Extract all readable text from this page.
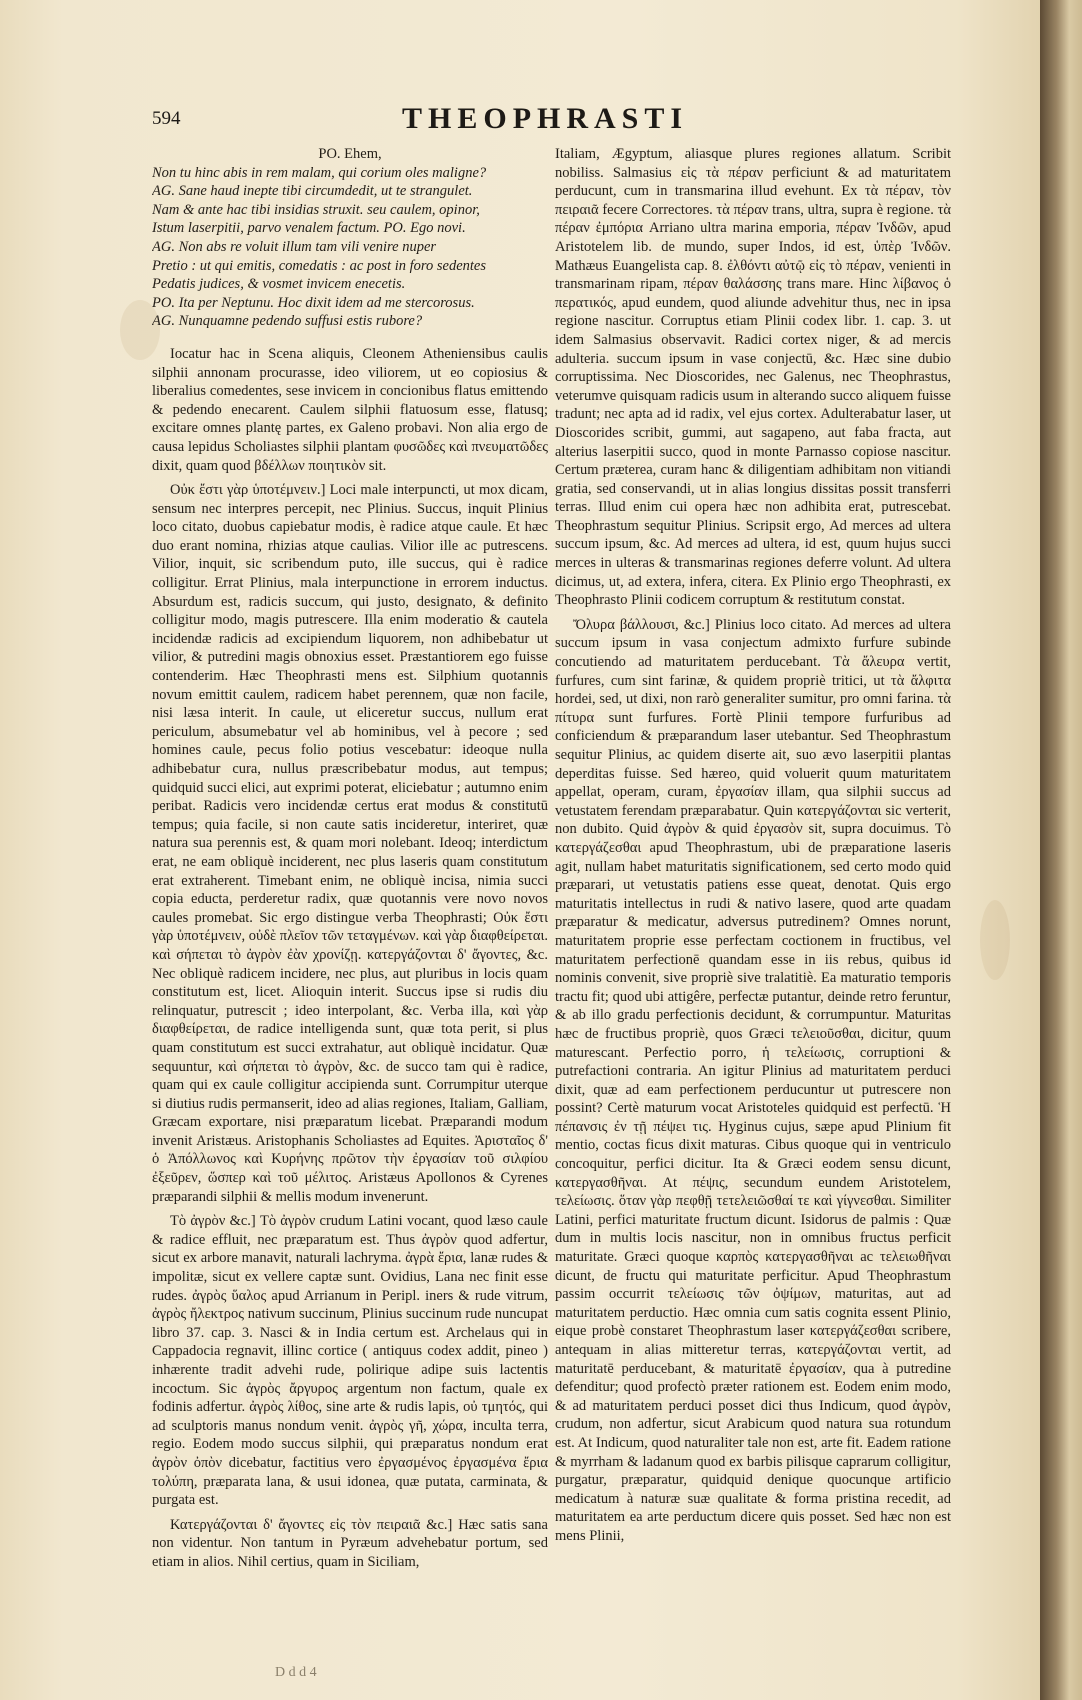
594	THEOPHRASTI
PO. Ehem,
Non tu hinc abis in rem malam, qui corium oles maligne?
AG. Sane haud inepte tibi circumdedit, ut te strangulet.
Nam & ante hac tibi insidias struxit. seu caulem, opinor,
Istum laserpitii, parvo venalem factum. PO. Ego novi.
AG. Non abs re voluit illum tam vili venire nuper
Pretio : ut qui emitis, comedatis : ac post in foro sedentes
Pedatis judices, & vosmet invicem enecetis.
PO. Ita per Neptunu. Hoc dixit idem ad me stercorosus.
AG. Nunquamne pedendo suffusi estis rubore?

Iocatur hac in Scena aliquis, Cleonem Atheniensibus caulis silphii annonam procurasse, ideo viliorem, ut eo copiosius & liberalius comedentes, sese invicem in concionibus flatus emittendo & pedendo enecarent. Caulem silphii flatuosum esse, flatusq; excitare omnes plantę partes, ex Galeno probavi. Non alia ergo de causa lepidus Scholiastes silphii plantam φυσῶδες καὶ πνευματῶδες dixit, quam quod βδέλλων ποιητικὸν sit.

Οὐκ ἔστι γὰρ ὑποτέμνειν.] Loci male interpuncti, ut mox dicam, sensum nec interpres percepit, nec Plinius. Succus, inquit Plinius loco citato, duobus capiebatur modis, è radice atque caule. Et hæc duo erant nomina, rhizias atque caulias. Vilior ille ac putrescens. Vilior, inquit, sic scribendum puto, ille succus, qui è radice colligitur. Errat Plinius, mala interpunctione in errorem inductus. Absurdum est, radicis succum, qui justo, designato, & definito colligitur modo, magis putrescere. Illa enim moderatio & cautela incidendæ radicis ad excipiendum liquorem, non adhibebatur ut vilior, & putredini magis obnoxius esset. Præstantiorem ego fuisse contenderim. Hæc Theophrasti mens est. Silphium quotannis novum emittit caulem, radicem habet perennem, quæ non facile, nisi læsa interit. In caule, ut eliceretur succus, nullum erat periculum, absumebatur vel ab hominibus, vel à pecore ; sed homines caule, pecus folio potius vescebatur: ideoque nulla adhibebatur cura, nullus præscribebatur modus, aut tempus; quidquid succi elici, aut exprimi poterat, eliciebatur ; autumno enim peribat. Radicis vero incidendæ certus erat modus & constitutū tempus; quia facile, si non caute satis incideretur, interiret, quæ natura sua perennis est, & quam mori nolebant. Ideoq; interdictum erat, ne eam obliquè inciderent, nec plus laseris quam constitutum erat extraherent. Timebant enim, ne obliquè incisa, nimia succi copia educta, perderetur radix, quæ quotannis vere novo novos caules promebat. Sic ergo distingue verba Theophrasti; Οὐκ ἔστι γὰρ ὑποτέμνειν, οὐδὲ πλεῖον τῶν τεταγμένων. καὶ γὰρ διαφθείρεται. καὶ σήπεται τὸ ἀγρὸν ἐὰν χρονίζῃ. κατεργάζονται δ' ἄγοντες, &c. Nec obliquè radicem incidere, nec plus, aut pluribus in locis quam constitutum est, licet. Alioquin interit. Succus ipse si rudis diu relinquatur, putrescit ; ideo interpolant, &c. Verba illa, καὶ γὰρ διαφθείρεται, de radice intelligenda sunt, quæ tota perit, si plus quam constitutum est succi extrahatur, aut obliquè incidatur. Quæ sequuntur, καὶ σήπεται τὸ ἀγρὸν, &c. de succo tam qui è radice, quam qui ex caule colligitur accipienda sunt. Corrumpitur uterque si diutius rudis permanserit, ideo ad alias regiones, Italiam, Galliam, Græcam exportare, nisi præparatum licebat. Præparandi modum invenit Aristæus. Aristophanis Scholiastes ad Equites. Ἀρισταῖος δ' ὁ Ἀπόλλωνος καὶ Κυρήνης πρῶτον τὴν ἐργασίαν τοῦ σιλφίου ἐξεῦρεν, ὥσπερ καὶ τοῦ μέλιτος. Aristæus Apollonos & Cyrenes præparandi silphii & mellis modum invenerunt.

Τὸ ἀγρὸν &c.] Τὸ ἀγρὸν crudum Latini vocant, quod læso caule & radice effluit, nec præparatum est. Thus ἀγρὸν quod adfertur, sicut ex arbore manavit, naturali lachryma. ἀγρὰ ἔρια, lanæ rudes & impolitæ, sicut ex vellere captæ sunt. Ovidius, Lana nec finit esse rudes. ἀγρὸς ὕαλος apud Arrianum in Peripl. iners & rude vitrum, ἀγρὸς ἤλεκτρος nativum succinum, Plinius succinum rude nuncupat libro 37. cap. 3. Nasci & in India certum est. Archelaus qui in Cappadocia regnavit, illinc cortice ( antiquus codex addit, pineo ) inhærente tradit advehi rude, polirique adipe suis lactentis incoctum. Sic ἀγρὸς ἄργυρος argentum non factum, quale ex fodinis adfertur. ἀγρὸς λίθος, sine arte & rudis lapis, οὐ τμητός, qui ad sculptoris manus nondum venit. ἀγρὸς γῆ, χώρα, inculta terra, regio. Eodem modo succus silphii, qui præparatus nondum erat ἀγρὸν ὀπὸν dicebatur, factitius vero ἐργασμένος ἐργασμένα ἔρια τολύπη, præparata lana, & usui idonea, quæ putata, carminata, & purgata est.

Κατεργάζονται δ' ἄγοντες εἰς τὸν πειραιᾶ &c.] Hæc satis sana non videntur. Non tantum in Pyræum advehebatur portum, sed etiam in alios. Nihil certius, quam in Siciliam,

Italiam, Ægyptum, aliasque plures regiones allatum. Scribit nobiliss. Salmasius εἰς τὰ πέραν perficiunt & ad maturitatem perducunt, cum in transmarina illud evehunt. Ex τὰ πέραν, τὸν πειραιᾶ fecere Correctores. τὰ πέραν trans, ultra, supra è regione. τὰ πέραν ἐμπόρια Arriano ultra marina emporia, πέραν Ἰνδῶν, apud Aristotelem lib. de mundo, super Indos, id est, ὑπὲρ Ἰνδῶν. Mathæus Euangelista cap. 8. ἐλθόντι αὐτῷ εἰς τὸ πέραν, venienti in transmarinam ripam, πέραν θαλάσσης trans mare. Hinc λίβανος ὁ περατικός, apud eundem, quod aliunde advehitur thus, nec in ipsa regione nascitur. Corruptus etiam Plinii codex libr. 1. cap. 3. ut idem Salmasius observavit. Radici cortex niger, & ad mercis adulteria. succum ipsum in vase conjectū, &c. Hæc sine dubio corruptissima. Nec Dioscorides, nec Galenus, nec Theophrastus, veterumve quisquam radicis usum in alterando succo aliquem fuisse tradunt; nec apta ad id radix, vel ejus cortex. Adulterabatur laser, ut Dioscorides scribit, gummi, aut sagapeno, aut faba fracta, aut alterius laserpitii succo, quod in monte Parnasso copiose nascitur. Certum præterea, curam hanc & diligentiam adhibitam non vitiandi gratia, sed conservandi, ut in alias longius dissitas possit transferri terras. Illud enim cui opera hæc non adhibita erat, putrescebat. Theophrastum sequitur Plinius. Scripsit ergo, Ad merces ad ultera succum ipsum, &c. Ad merces ad ultera, id est, quum hujus succi merces in ulteras & transmarinas regiones deferre volunt. Ad ultera dicimus, ut, ad extera, infera, citera. Ex Plinio ergo Theophrasti, ex Theophrasto Plinii codicem corruptum & restitutum constat.

Ὄλυρα βάλλουσι, &c.] Plinius loco citato. Ad merces ad ultera succum ipsum in vasa conjectum admixto furfure subinde concutiendo ad maturitatem perducebant. Τὰ ἄλευρα vertit, furfures, cum sint farinæ, & quidem propriè tritici, ut τὰ ἄλφιτα hordei, sed, ut dixi, non rarò generaliter sumitur, pro omni farina. τὰ πίτυρα sunt furfures. Fortè Plinii tempore furfuribus ad conficiendum & præparandum laser utebantur. Sed Theophrastum sequitur Plinius, ac quidem diserte ait, suo ævo laserpitii plantas deperditas fuisse. Sed hæreo, quid voluerit quum maturitatem appellat, operam, curam, ἐργασίαν illam, qua silphii succus ad vetustatem ferendam præparabatur. Quin κατεργάζονται sic verterit, non dubito. Quid ἀγρὸν & quid ἐργασὸν sit, supra docuimus. Τὸ κατεργάζεσθαι apud Theophrastum, ubi de præparatione laseris agit, nullam habet maturitatis significationem, sed certo modo quid præparari, ut vetustatis patiens esse queat, denotat. Quis ergo maturitatis intellectus in rudi & nativo lasere, quod arte quadam præparatur & medicatur, adversus putredinem? Omnes norunt, maturitatem proprie esse perfectam coctionem in fructibus, vel maturitatem perfectionē quandam esse in iis rebus, quibus id nominis convenit, sive propriè sive tralatitiè. Ea maturatio temporis tractu fit; quod ubi attigêre, perfectæ putantur, deinde retro feruntur, & ab illo gradu perfectionis decidunt, & corrumpuntur. Maturitas hæc de fructibus propriè, quos Græci τελειοῦσθαι, dicitur, quum maturescant. Perfectio porro, ἡ τελείωσις, corruptioni & putrefactioni contraria. An igitur Plinius ad maturitatem perduci dixit, quæ ad eam perfectionem perducuntur ut putrescere non possint? Certè maturum vocat Aristoteles quidquid est perfectū. Ἡ πέπανσις ἐν τῇ πέψει τις. Hyginus cujus, sæpe apud Plinium fit mentio, coctas ficus dixit maturas. Cibus quoque qui in ventriculo concoquitur, perfici dicitur. Ita & Græci eodem sensu dicunt, κατεργασθῆναι. At πέψις, secundum eundem Aristotelem, τελείωσις. ὅταν γὰρ πεφθῇ τετελειῶσθαί τε καὶ γίγνεσθαι. Similiter Latini, perfici maturitate fructum dicunt. Isidorus de palmis : Quæ dum in multis locis nascitur, non in omnibus fructus perficit maturitate. Græci quoque καρπὸς κατεργασθῆναι ac τελειωθῆναι dicunt, de fructu qui maturitate perficitur. Apud Theophrastum passim occurrit τελείωσις τῶν ὀψίμων, maturitas, aut ad maturitatem perductio. Hæc omnia cum satis cognita essent Plinio, eique probè constaret Theophrastum laser κατεργάζεσθαι scribere, antequam in alias mitteretur terras, κατεργάζονται vertit, ad maturitatē perducebant, & maturitatē ἐργασίαν, qua à putredine defenditur; quod profectò præter rationem est. Eodem enim modo, & ad maturitatem perduci posset dici thus Indicum, quod ἀγρὸν, crudum, non adfertur, sicut Arabicum quod natura sua rotundum est. At Indicum, quod naturaliter tale non est, arte fit. Eadem ratione & myrrham & ladanum quod ex barbis pilisque caprarum colligitur, purgatur, præparatur, quidquid denique quocunque artificio medicatum à naturæ suæ qualitate & forma pristina recedit, ad maturitatem ea arte perductum dicere quis posset. Sed hæc non est mens Plinii,

D d d 4
